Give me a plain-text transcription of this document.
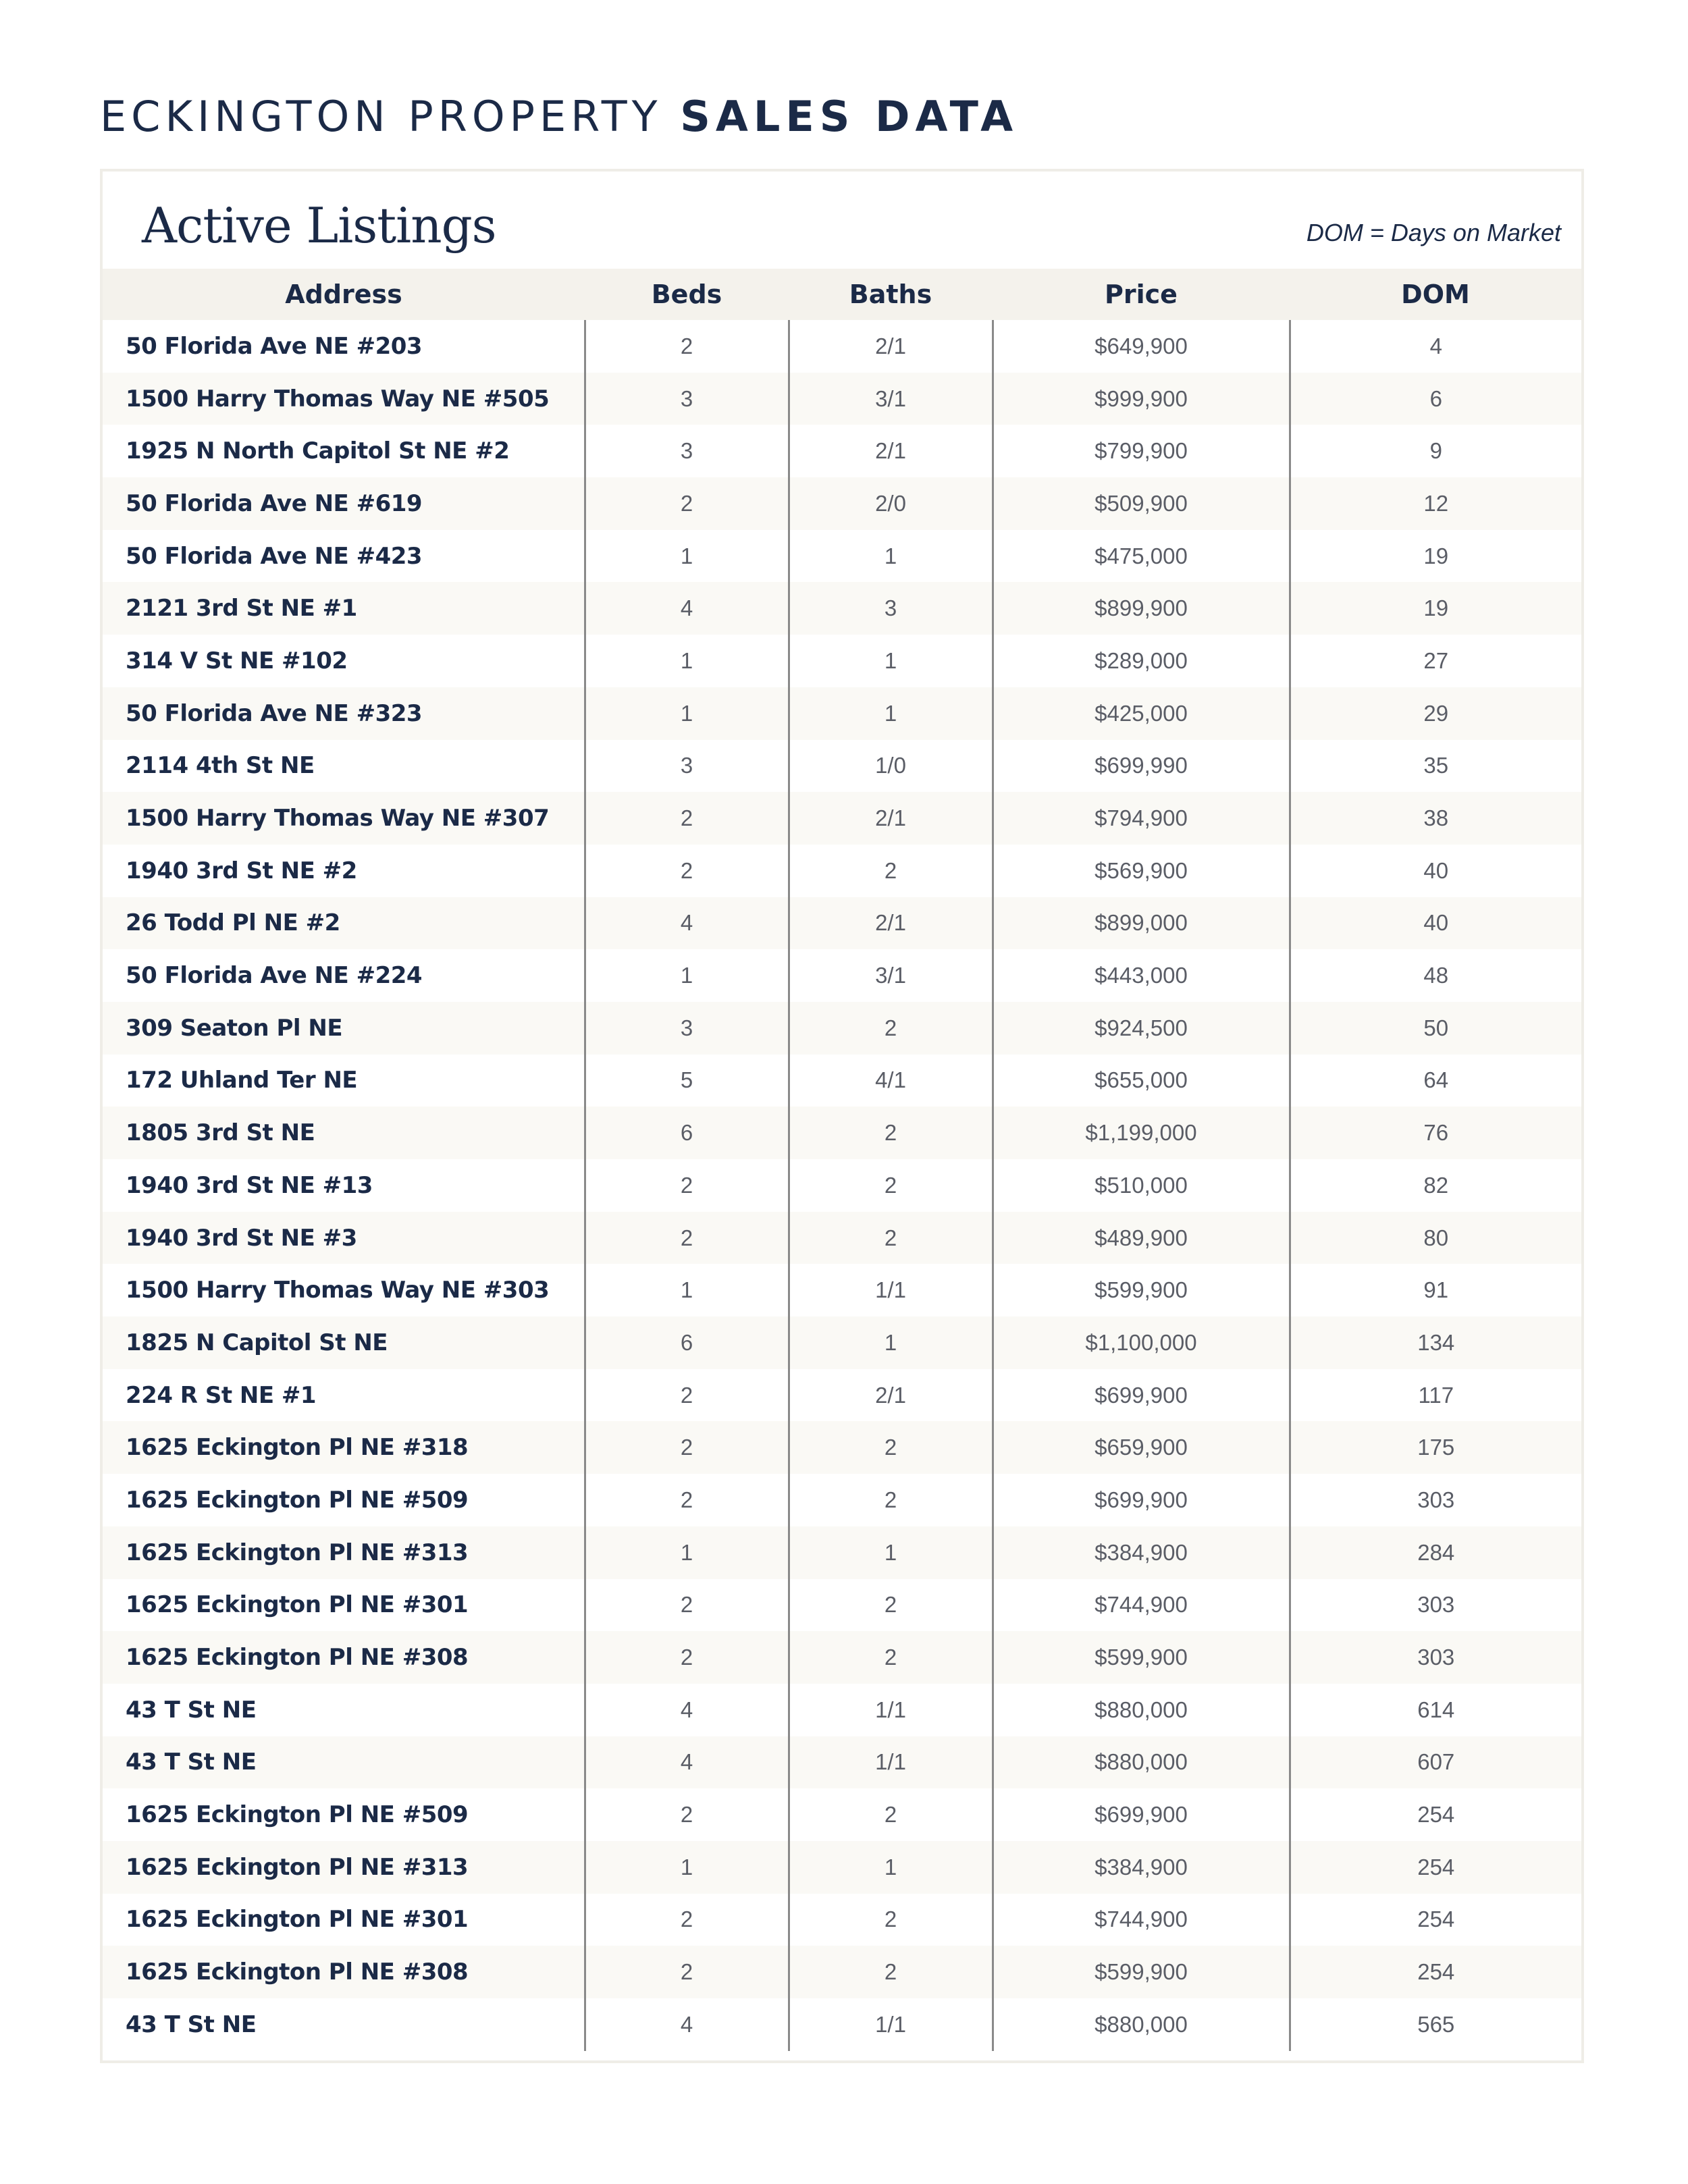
ECKINGTON PROPERTY SALES DATA
Active Listings	DOM = Days on Market
Address	Beds	Baths	Price	DOM
50 Florida Ave NE #203	2	2/1	$649,900	4
1500 Harry Thomas Way NE #505	3	3/1	$999,900	6
1925 N North Capitol St NE #2	3	2/1	$799,900	9
50 Florida Ave NE #619	2	2/0	$509,900	12
50 Florida Ave NE #423	1	1	$475,000	19
2121 3rd St NE #1	4	3	$899,900	19
314 V St NE #102	1	1	$289,000	27
50 Florida Ave NE #323	1	1	$425,000	29
2114 4th St NE	3	1/0	$699,990	35
1500 Harry Thomas Way NE #307	2	2/1	$794,900	38
1940 3rd St NE #2	2	2	$569,900	40
26 Todd Pl NE #2	4	2/1	$899,000	40
50 Florida Ave NE #224	1	3/1	$443,000	48
309 Seaton Pl NE	3	2	$924,500	50
172 Uhland Ter NE	5	4/1	$655,000	64
1805 3rd St NE	6	2	$1,199,000	76
1940 3rd St NE #13	2	2	$510,000	82
1940 3rd St NE #3	2	2	$489,900	80
1500 Harry Thomas Way NE #303	1	1/1	$599,900	91
1825 N Capitol St NE	6	1	$1,100,000	134
224 R St NE #1	2	2/1	$699,900	117
1625 Eckington Pl NE #318	2	2	$659,900	175
1625 Eckington Pl NE #509	2	2	$699,900	303
1625 Eckington Pl NE #313	1	1	$384,900	284
1625 Eckington Pl NE #301	2	2	$744,900	303
1625 Eckington Pl NE #308	2	2	$599,900	303
43 T St NE	4	1/1	$880,000	614
43 T St NE	4	1/1	$880,000	607
1625 Eckington Pl NE #509	2	2	$699,900	254
1625 Eckington Pl NE #313	1	1	$384,900	254
1625 Eckington Pl NE #301	2	2	$744,900	254
1625 Eckington Pl NE #308	2	2	$599,900	254
43 T St NE	4	1/1	$880,000	565
